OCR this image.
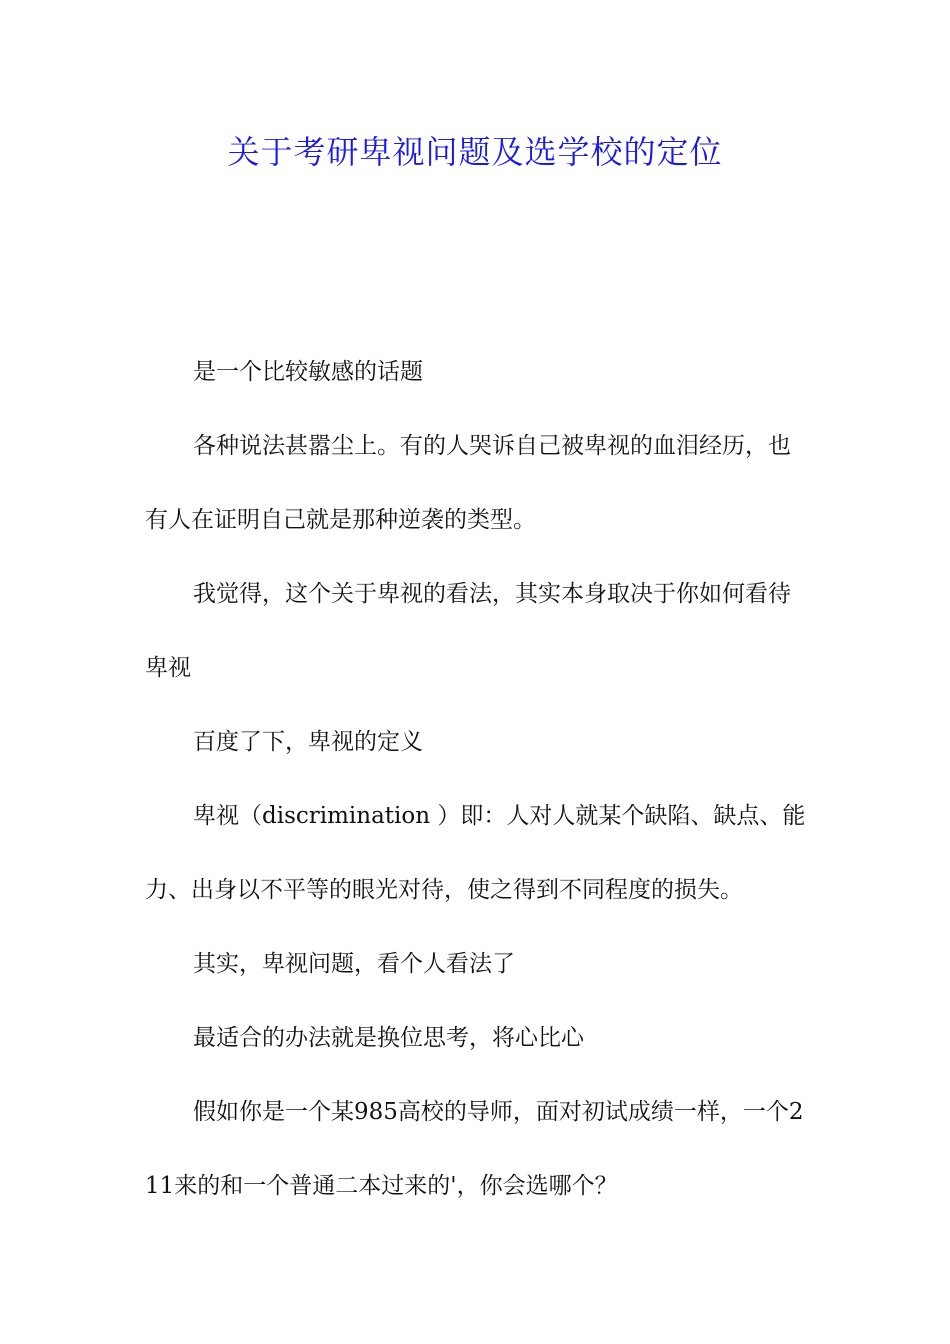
关于考研卑视问题及选学校的定位

是一个比较敏感的话题

各种说法甚嚣尘上。有的人哭诉自己被卑视的血泪经历，也有人在证明自己就是那种逆袭的类型。

我觉得，这个关于卑视的看法，其实本身取决于你如何看待卑视

百度了下，卑视的定义

卑视（discrimination ）即：人对人就某个缺陷、缺点、能力、出身以不平等的眼光对待，使之得到不同程度的损失。

其实，卑视问题，看个人看法了

最适合的办法就是换位思考，将心比心

假如你是一个某985高校的导师，面对初试成绩一样，一个211来的和一个普通二本过来的'，你会选哪个？
